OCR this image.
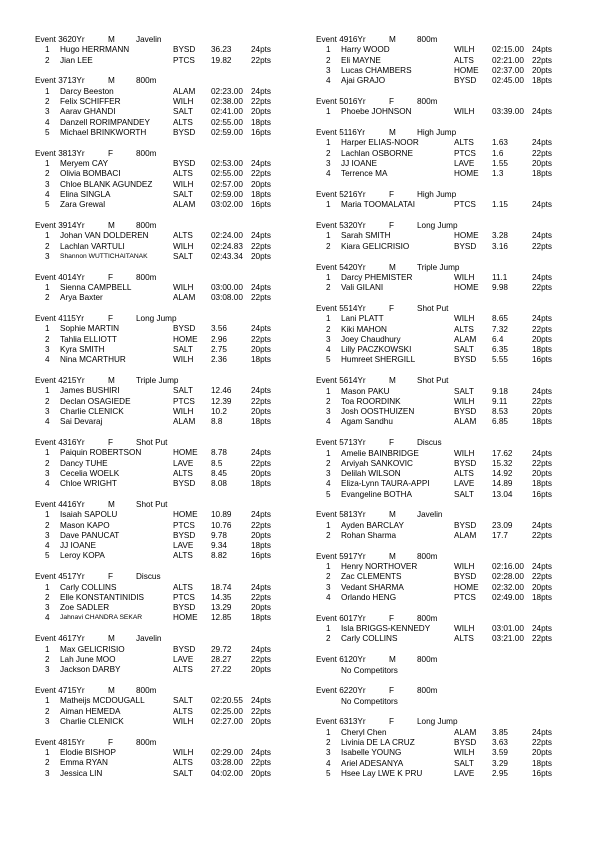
Event 3620Yr	M	Javelin
1 Hugo HERRMANN	BYSD 36.23 24pts
2 Jian LEE	PTCS 19.82 22pts
Event 3713Yr	M	800m
1 Darcy Beeston	ALAM 02:23.00 24pts
2 Felix SCHIFFER	WILH 02:38.00 22pts
3 Aarav GHANDI	SALT 02:41.00 20pts
4 Danzell RORIMPANDEY	ALTS 02:55.00 18pts
5 Michael BRINKWORTH	BYSD 02:59.00 16pts
Event 3813Yr	F	800m
1 Meryem CAY	BYSD 02:53.00 24pts
2 Olivia BOMBACI	ALTS 02:55.00 22pts
3 Chloe BLANK AGUNDEZ	WILH 02:57.00 20pts
4 Elina SINGLA	SALT 02:59.00 18pts
5 Zara Grewal	ALAM 03:02.00 16pts
Event 3914Yr	M	800m
1 Johan VAN DOLDEREN	ALTS 02:24.00 24pts
2 Lachlan VARTULI	WILH 02:24.83 22pts
3 Shannon WUTTICHAITANAK	SALT 02:43.34 20pts
Event 4014Yr	F	800m
1 Sienna CAMPBELL	WILH 03:00.00 24pts
2 Arya Baxter	ALAM 03:08.00 22pts
Event 4115Yr	F	Long Jump
1 Sophie MARTIN	BYSD 3.56	24pts
2 Tahlia ELLIOTT	HOME 2.96	22pts
3 Kyra SMITH	SALT 2.75	20pts
4 Nina MCARTHUR	WILH 2.36	18pts
Event 4215Yr	M	Triple Jump
1 James BUSHIRI	SALT 12.46 24pts
2 Declan OSAGIEDE	PTCS 12.39 22pts
3 Charlie CLENICK	WILH 10.2	20pts
4 Sai Devaraj	ALAM 8.8	18pts
Event 4316Yr	F	Shot Put
1 Paiquin ROBERTSON	HOME 8.78	24pts
2 Dancy TUHE	LAVE 8.5	22pts
3 Cecelia WOELK	ALTS 8.45	20pts
4 Chloe WRIGHT	BYSD 8.08	18pts
Event 4416Yr	M	Shot Put
1 Isaiah SAPOLU	HOME 10.89 24pts
2 Mason KAPO	PTCS 10.76 22pts
3 Dave PANUCAT	BYSD 9.78	20pts
4 JJ IOANE	LAVE 9.34	18pts
5 Leroy KOPA	ALTS 8.82	16pts
Event 4517Yr	F	Discus
1 Carly COLLINS	ALTS 18.74 24pts
2 Elle KONSTANTINIDIS	PTCS 14.35 22pts
3 Zoe SADLER	BYSD 13.29 20pts
4 Jahnavi CHANDRA SEKAR	HOME 12.85 18pts
Event 4617Yr	M	Javelin
1 Max GELICRISIO	BYSD 29.72 24pts
2 Lah June MOO	LAVE 28.27 22pts
3 Jackson DARBY	ALTS 27.22 20pts
Event 4715Yr	M	800m
1 Matheijs MCDOUGALL	SALT 02:20.55 24pts
2 Aiman HEMEDA	ALTS 02:25.00 22pts
3 Charlie CLENICK	WILH 02:27.00 20pts
Event 4815Yr	F	800m
1 Elodie BISHOP	WILH 02:29.00 24pts
2 Emma RYAN	ALTS 03:28.00 22pts
3 Jessica LIN	SALT 04:02.00 20pts
Event 4916Yr	M	800m
1 Harry WOOD	WILH 02:15.00 24pts
2 Eli MAYNE	ALTS 02:21.00 22pts
3 Lucas CHAMBERS	HOME 02:37.00 20pts
4 Ajai GRAJO	BYSD 02:45.00 18pts
Event 5016Yr	F	800m
1 Phoebe JOHNSON	WILH 03:39.00 24pts
Event 5116Yr	M	High Jump
1 Harper ELIAS-NOOR	ALTS 1.63	24pts
2 Lachlan OSBORNE	PTCS 1.6	22pts
3 JJ IOANE	LAVE 1.55	20pts
4 Terrence MA	HOME 1.3	18pts
Event 5216Yr	F	High Jump
1 Maria TOOMALATAI	PTCS 1.15	24pts
Event 5320Yr	F	Long Jump
1 Sarah SMITH	HOME 3.28	24pts
2 Kiara GELICRISIO	BYSD 3.16	22pts
Event 5420Yr	M	Triple Jump
1 Darcy PHEMISTER	WILH 11.1	24pts
2 Vali GILANI	HOME 9.98	22pts
Event 5514Yr	F	Shot Put
1 Lani PLATT	WILH 8.65	24pts
2 Kiki MAHON	ALTS 7.32	22pts
3 Joey Chaudhury	ALAM 6.4	20pts
4 Lilly PACZKOWSKI	SALT 6.35	18pts
5 Humreet SHERGILL	BYSD 5.55	16pts
Event 5614Yr	M	Shot Put
1 Mason PAKU	SALT 9.18	24pts
2 Toa ROORDINK	WILH 9.11	22pts
3 Josh OOSTHUIZEN	BYSD 8.53	20pts
4 Agam Sandhu	ALAM 6.85	18pts
Event 5713Yr	F	Discus
1 Amelie BAINBRIDGE	WILH 17.62 24pts
2 Arviyah SANKOVIC	BYSD 15.32 22pts
3 Delilah WILSON	ALTS 14.92 20pts
4 Eliza-Lynn TAURA-APPI	LAVE 14.89 18pts
5 Evangeline BOTHA	SALT 13.04 16pts
Event 5813Yr	M	Javelin
1 Ayden BARCLAY	BYSD 23.09 24pts
2 Rohan Sharma	ALAM 17.7	22pts
Event 5917Yr	M	800m
1 Henry NORTHOVER	WILH 02:16.00 24pts
2 Zac CLEMENTS	BYSD 02:28.00 22pts
3 Vedant SHARMA	HOME 02:32.00 20pts
4 Orlando HENG	PTCS 02:49.00 18pts
Event 6017Yr	F	800m
1 Isla BRIGGS-KENNEDY	WILH 03:01.00 24pts
2 Carly COLLINS	ALTS 03:21.00 22pts
Event 6120Yr	M	800m
No Competitors
Event 6220Yr	F	800m
No Competitors
Event 6313Yr	F	Long Jump
1 Cheryl Chen	ALAM 3.85	24pts
2 Livinia DE LA CRUZ	BYSD 3.63	22pts
3 Isabelle YOUNG	WILH 3.59	20pts
4 Ariel ADESANYA	SALT 3.29	18pts
5 Hsee Lay LWE K PRU	LAVE 2.95	16pts
